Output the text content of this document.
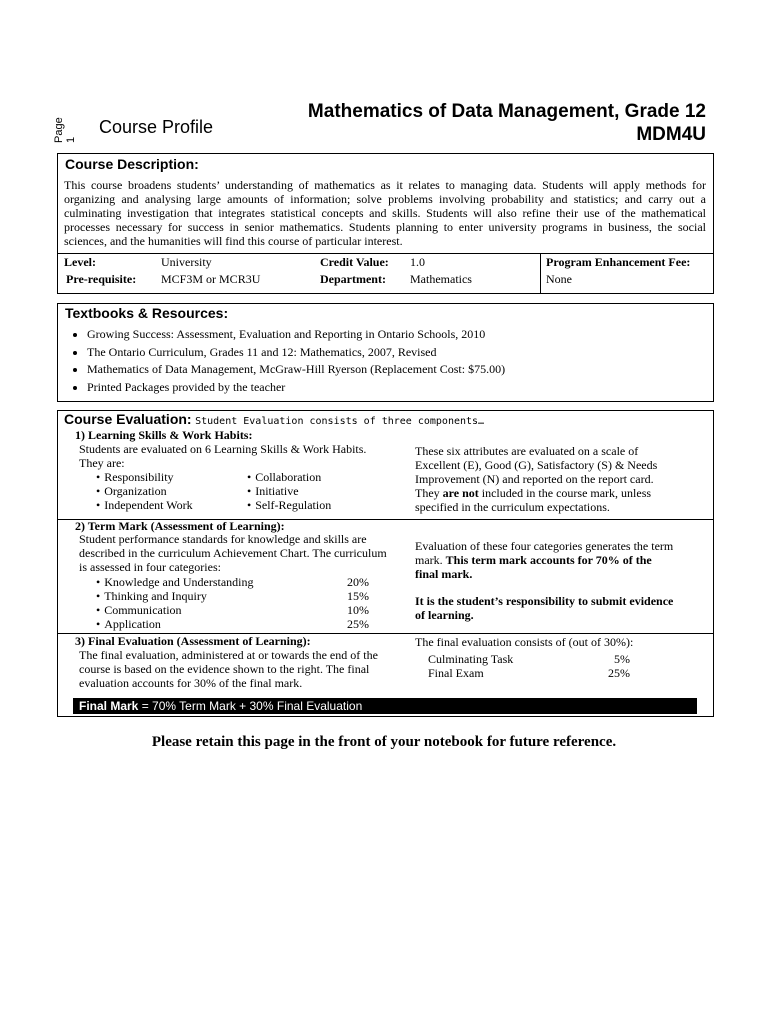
Page 1
Course Profile
Mathematics of Data Management, Grade 12
MDM4U
Course Description:
This course broadens students’ understanding of mathematics as it relates to managing data. Students will apply methods for organizing and analysing large amounts of information; solve problems involving probability and statistics; and carry out a culminating investigation that integrates statistical concepts and skills. Students will also refine their use of the mathematical processes necessary for success in senior mathematics. Students planning to enter university programs in business, the social sciences, and the humanities will find this course of particular interest.
Level:	University
Pre-requisite: MCF3M or MCR3U
Credit Value: 1.0
Department: Mathematics
Program Enhancement Fee:
None
Textbooks & Resources:
• Growing Success: Assessment, Evaluation and Reporting in Ontario Schools, 2010
• The Ontario Curriculum, Grades 11 and 12: Mathematics, 2007, Revised
• Mathematics of Data Management, McGraw-Hill Ryerson (Replacement Cost: $75.00)
• Printed Packages provided by the teacher
Course Evaluation: Student Evaluation consists of three components…
1) Learning Skills & Work Habits:
Students are evaluated on 6 Learning Skills & Work Habits.
They are:
• Responsibility
• Organization
• Independent Work
• Collaboration
• Initiative
• Self-Regulation
These six attributes are evaluated on a scale of
Excellent (E), Good (G), Satisfactory (S) & Needs
Improvement (N) and reported on the report card.
They are not included in the course mark, unless
specified in the curriculum expectations.
2) Term Mark (Assessment of Learning):
Student performance standards for knowledge and skills are
described in the curriculum Achievement Chart. The curriculum
is assessed in four categories:
• Knowledge and Understanding
• Thinking and Inquiry
• Communication
• Application
20%
15%
10%
25%
Evaluation of these four categories generates the term
mark. This term mark accounts for 70% of the
final mark.

It is the student’s responsibility to submit evidence
of learning.
3) Final Evaluation (Assessment of Learning):
The final evaluation, administered at or towards the end of the
course is based on the evidence shown to the right. The final
evaluation accounts for 30% of the final mark.
The final evaluation consists of (out of 30%):
Culminating Task
Final Exam
5%
25%
Final Mark = 70% Term Mark + 30% Final Evaluation
Please retain this page in the front of your notebook for future reference.
